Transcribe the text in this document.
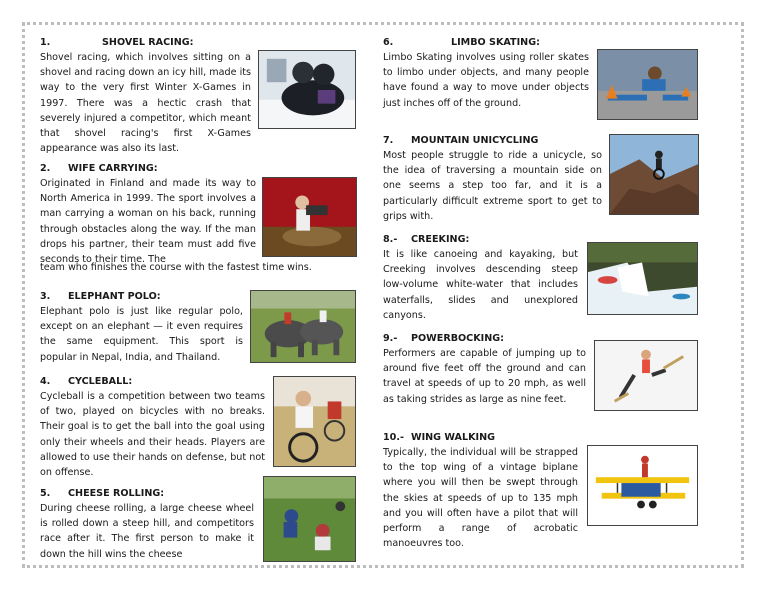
1.	SHOVEL RACING:

Shovel racing, which involves sitting on a shovel and racing down an icy hill, made its way to the very first Winter X-Games in 1997. There was a hectic crash that severely injured a competitor, which meant that shovel racing's first X-Games appearance was also its last.

2.	WIFE CARRYING:

Originated in Finland and made its way to North America in 1999. The sport involves a man carrying a woman on his back, running through obstacles along the way. If the man drops his partner, their team must add five seconds to their time. The

team who finishes the course with the fastest time wins.

3.	ELEPHANT POLO:

Elephant polo is just like regular polo, except on an elephant — it even requires the same equipment. This sport is popular in Nepal, India, and Thailand.

4.	CYCLEBALL:

Cycleball is a competition between two teams of two, played on bicycles with no breaks. Their goal is to get the ball into the goal using only their wheels and their heads. Players are allowed to use their hands on defense, but not on offense.

5.	CHEESE ROLLING:

During cheese rolling, a large cheese wheel is rolled down a steep hill, and competitors race after it. The first person to make it down the hill wins the cheese

6.	LIMBO SKATING:

Limbo Skating involves using roller skates to limbo under objects, and many people have found a way to move under objects just inches off of the ground.

7.	MOUNTAIN UNICYCLING

Most people struggle to ride a unicycle, so the idea of traversing a mountain side on one seems a step too far, and it is a particularly difficult extreme sport to get to grips with.

8.-	CREEKING:

It is like canoeing and kayaking, but Creeking involves descending steep low-volume white-water that includes waterfalls, slides and unexplored canyons.

9.-	POWERBOCKING:

Performers are capable of jumping up to around five feet off the ground and can travel at speeds of up to 20 mph, as well as taking strides as large as nine feet.

10.- WING WALKING

Typically, the individual will be strapped to the top wing of a vintage biplane where you will then be swept through the skies at speeds of up to 135 mph and you will often have a pilot that will perform a range of acrobatic manoeuvres too.
